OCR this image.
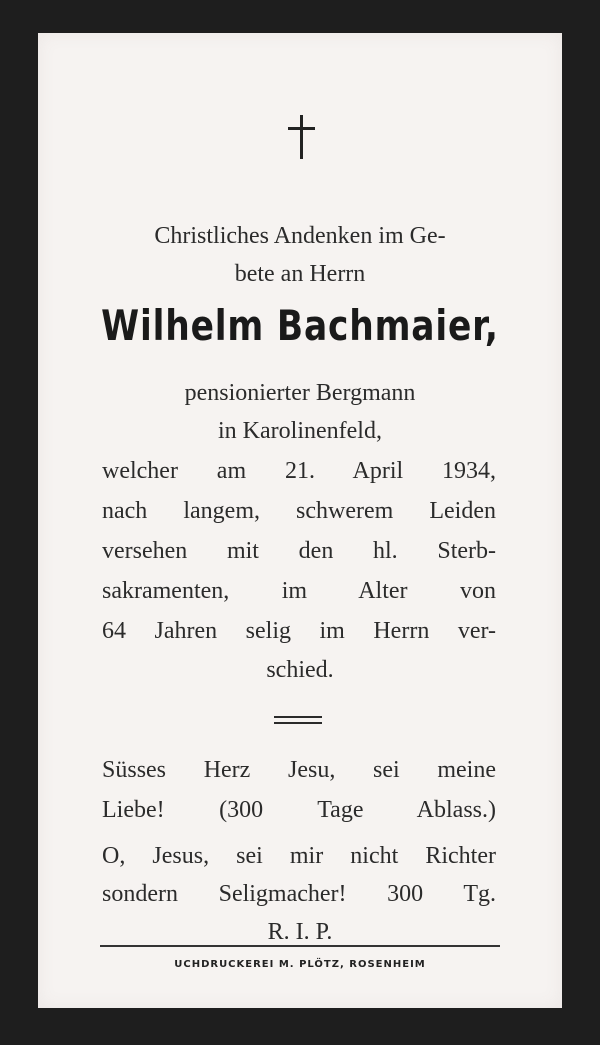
Christliches Andenken im Ge-
bete an Herrn
Wilhelm Bachmaier,
pensionierter Bergmann
in Karolinenfeld,
welcher am 21. April 1934,
nach langem, schwerem Leiden
versehen mit den hl. Sterb-
sakramenten, im Alter von
64 Jahren selig im Herrn ver-
schied.
Süsses Herz Jesu, sei meine
Liebe! (300 Tage Ablass.)
O, Jesus, sei mir nicht Richter
sondern Seligmacher! 300 Tg.
R. I. P.
UCHDRUCKEREI M. PLÖTZ, ROSENHEIM
